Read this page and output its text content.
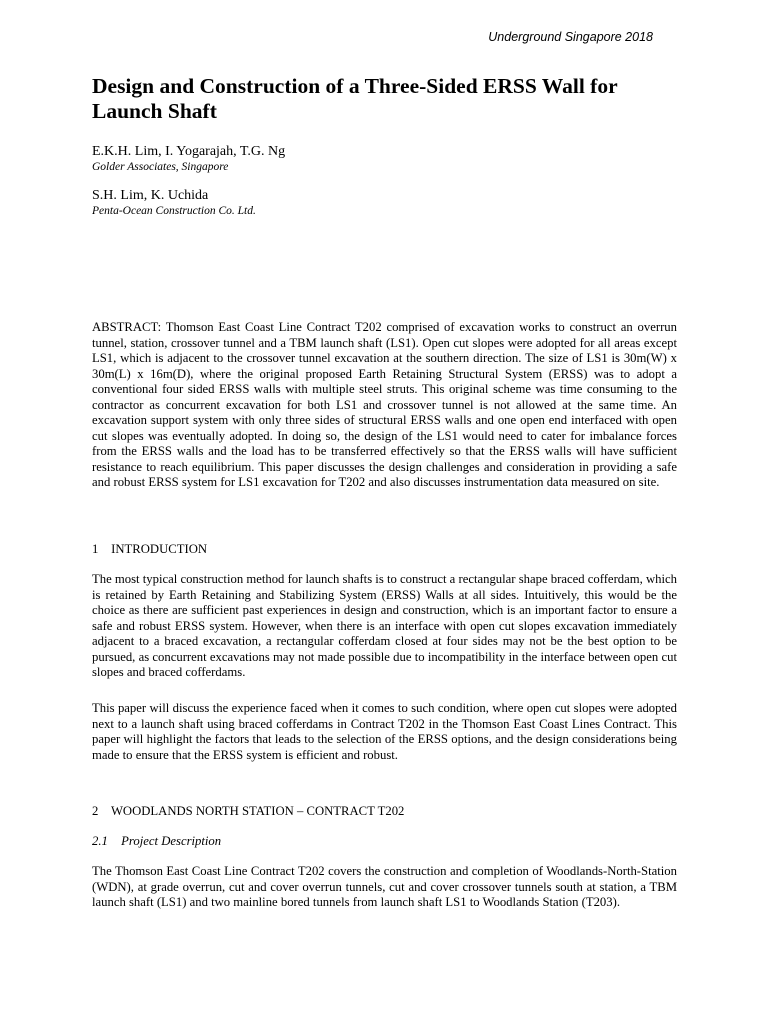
Underground Singapore 2018
Design and Construction of a Three-Sided ERSS Wall for Launch Shaft
E.K.H. Lim, I. Yogarajah, T.G. Ng
Golder Associates, Singapore
S.H. Lim, K. Uchida
Penta-Ocean Construction Co. Ltd.

ABSTRACT: Thomson East Coast Line Contract T202 comprised of excavation works to construct an overrun tunnel, station, crossover tunnel and a TBM launch shaft (LS1). Open cut slopes were adopted for all areas except LS1, which is adjacent to the crossover tunnel excavation at the southern direction. The size of LS1 is 30m(W) x 30m(L) x 16m(D), where the original proposed Earth Retaining Structural System (ERSS) was to adopt a conventional four sided ERSS walls with multiple steel struts. This original scheme was time consuming to the contractor as concurrent excavation for both LS1 and crossover tunnel is not allowed at the same time. An excavation support system with only three sides of structural ERSS walls and one open end interfaced with open cut slopes was eventually adopted. In doing so, the design of the LS1 would need to cater for imbalance forces from the ERSS walls and the load has to be transferred effectively so that the ERSS walls will have sufficient resistance to reach equilibrium. This paper discusses the design challenges and consideration in providing a safe and robust ERSS system for LS1 excavation for T202 and also discusses instrumentation data measured on site.

1 INTRODUCTION

The most typical construction method for launch shafts is to construct a rectangular shape braced cofferdam, which is retained by Earth Retaining and Stabilizing System (ERSS) Walls at all sides. Intuitively, this would be the choice as there are sufficient past experiences in design and construction, which is an important factor to ensure a safe and robust ERSS system. However, when there is an interface with open cut slopes excavation immediately adjacent to a braced excavation, a rectangular cofferdam closed at four sides may not be the best option to be pursued, as concurrent excavations may not made possible due to incompatibility in the interface between open cut slopes and braced cofferdams.

This paper will discuss the experience faced when it comes to such condition, where open cut slopes were adopted next to a launch shaft using braced cofferdams in Contract T202 in the Thomson East Coast Lines Contract. This paper will highlight the factors that leads to the selection of the ERSS options, and the design considerations being made to ensure that the ERSS system is efficient and robust.

2 WOODLANDS NORTH STATION – CONTRACT T202
2.1 Project Description

The Thomson East Coast Line Contract T202 covers the construction and completion of Woodlands-North-Station (WDN), at grade overrun, cut and cover overrun tunnels, cut and cover crossover tunnels south at station, a TBM launch shaft (LS1) and two mainline bored tunnels from launch shaft LS1 to Woodlands Station (T203).
